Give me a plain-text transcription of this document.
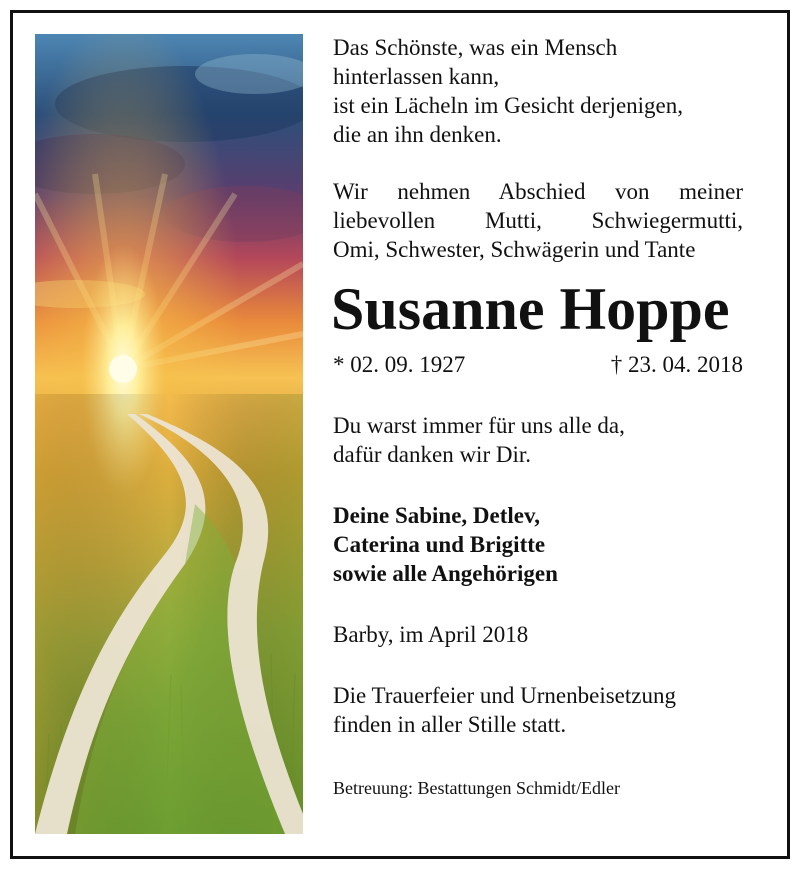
Das Schönste, was ein Mensch
hinterlassen kann,
ist ein Lächeln im Gesicht derjenigen,
die an ihn denken.
Wir nehmen Abschied von meiner
liebevollen Mutti, Schwiegermutti,
Omi, Schwester, Schwägerin und Tante
Susanne Hoppe
* 02. 09. 1927	† 23. 04. 2018
Du warst immer für uns alle da,
dafür danken wir Dir.
Deine Sabine, Detlev,
Caterina und Brigitte
sowie alle Angehörigen
Barby, im April 2018
Die Trauerfeier und Urnenbeisetzung
finden in aller Stille statt.
Betreuung: Bestattungen Schmidt/Edler
